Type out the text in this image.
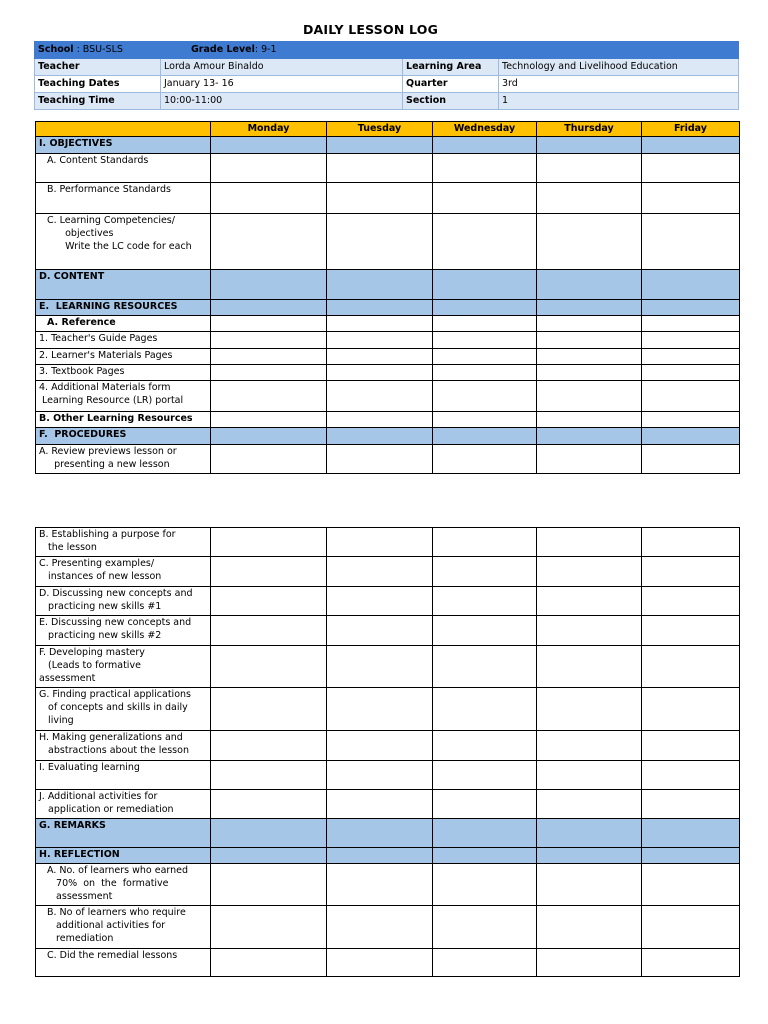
DAILY LESSON LOG
School : BSU-SLS Grade Level: 9-1			

Teacher	Lorda Amour Binaldo	Learning Area	Technology and Livelihood Education
Teaching Dates	January 13- 16	Quarter	3rd
Teaching Time	10:00-11:00	Section	1
	Monday	Tuesday	Wednesday	Thursday	Friday

I. OBJECTIVES					

A. Content Standards					

B. Performance Standards					

C. Learning Competencies/
objectives
Write the LC code for each					

D. CONTENT					

E.  LEARNING RESOURCES					

A. Reference					

1. Teacher's Guide Pages					

2. Learner's Materials Pages					

3. Textbook Pages					

4. Additional Materials form
Learning Resource (LR) portal					

B. Other Learning Resources					

F.  PROCEDURES					

A. Review previews lesson or
presenting a new lesson					

B. Establishing a purpose for
the lesson					

C. Presenting examples/
instances of new lesson					

D. Discussing new concepts and
practicing new skills #1					

E. Discussing new concepts and
practicing new skills #2					

F. Developing mastery
(Leads to formative
assessment					

G. Finding practical applications
of concepts and skills in daily
living					

H. Making generalizations and
abstractions about the lesson					

I. Evaluating learning					

J. Additional activities for
application or remediation					

G. REMARKS					

H. REFLECTION					

A. No. of learners who earned
70%  on  the  formative
assessment					

B. No of learners who require
additional activities for
remediation					

C. Did the remedial lessons					
